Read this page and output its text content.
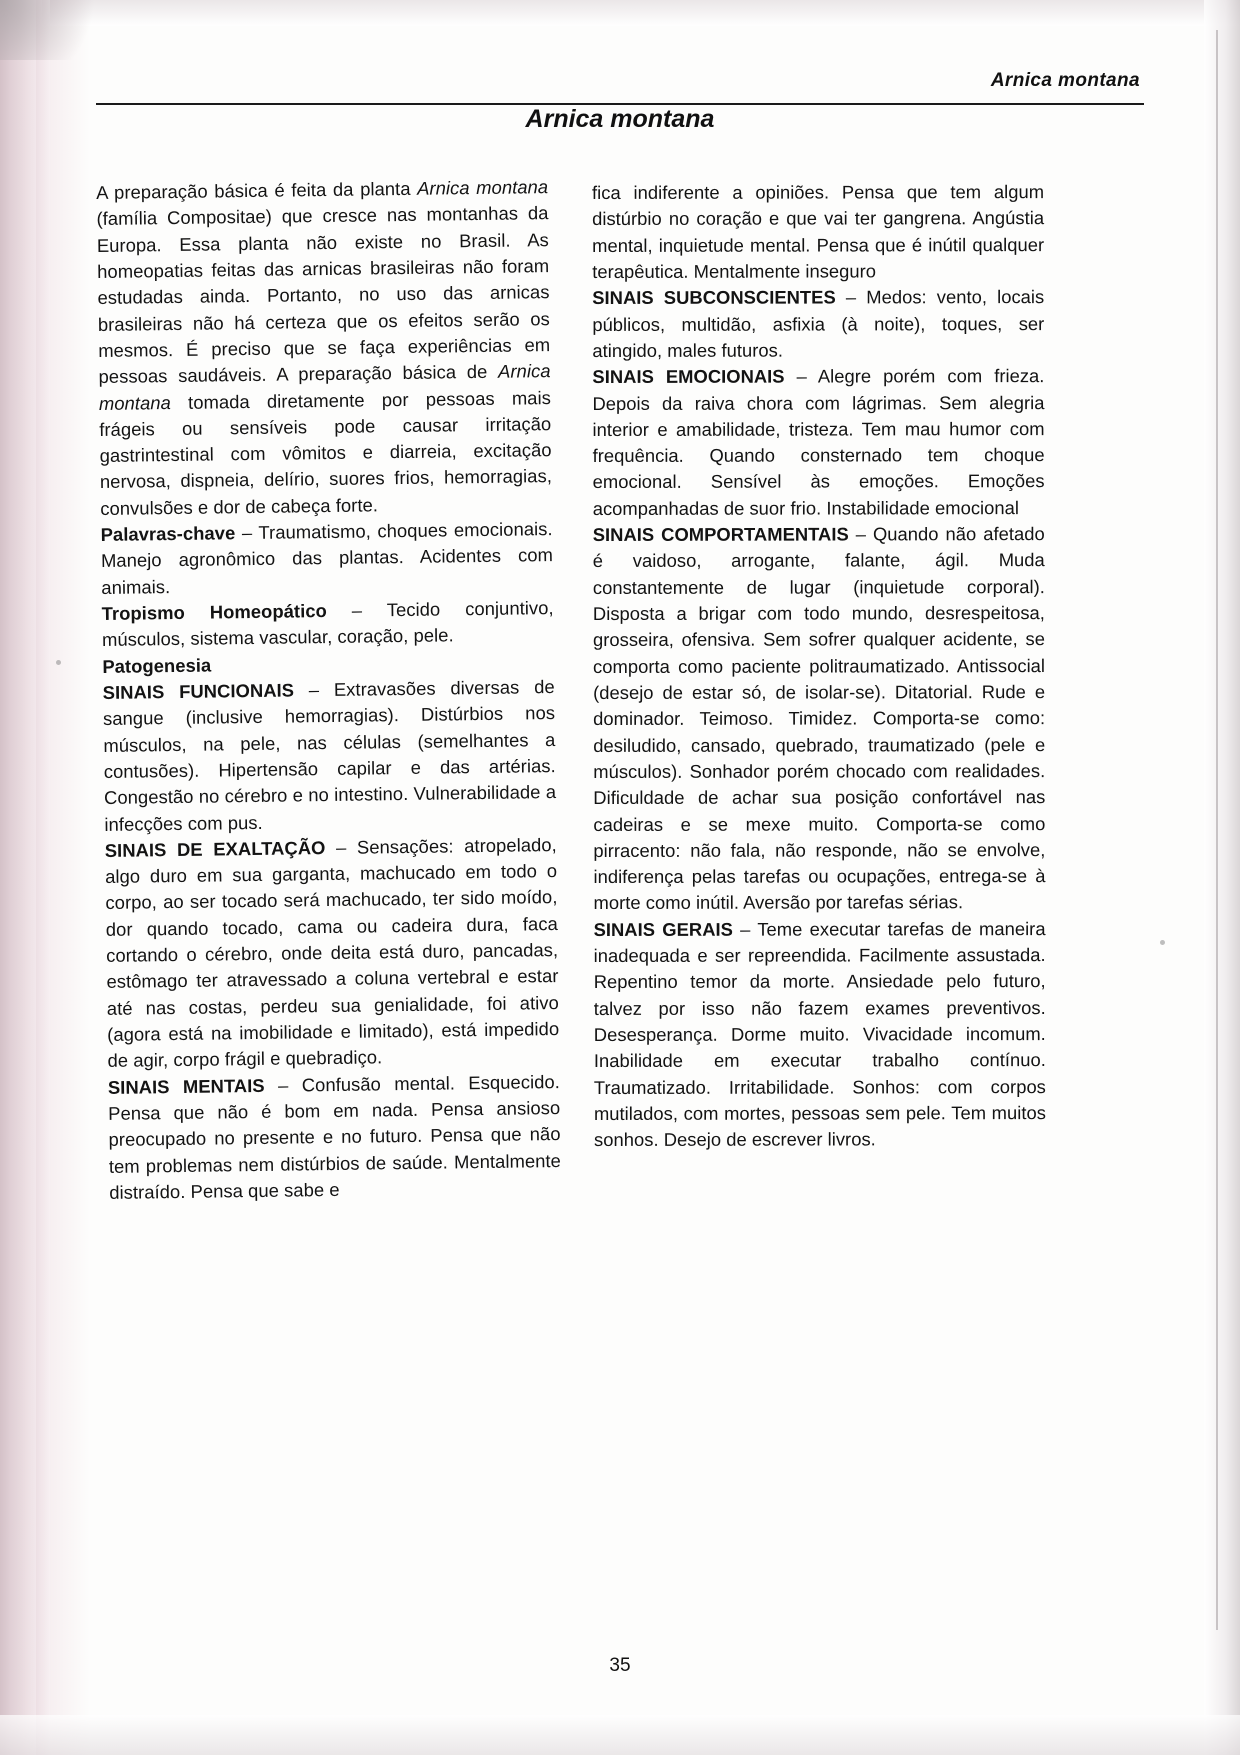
Arnica montana
Arnica montana

A preparação básica é feita da planta Arnica montana (família Compositae) que cresce nas montanhas da Europa. Essa planta não existe no Brasil. As homeopatias feitas das arnicas brasileiras não foram estudadas ainda. Portanto, no uso das arnicas brasileiras não há certeza que os efeitos serão os mesmos. É preciso que se faça experiências em pessoas saudáveis. A preparação básica de Arnica montana tomada diretamente por pessoas mais frágeis ou sensíveis pode causar irritação gastrintestinal com vômitos e diarreia, excitação nervosa, dispneia, delírio, suores frios, hemorragias, convulsões e dor de cabeça forte.

Palavras-chave – Traumatismo, choques emocionais. Manejo agronômico das plantas. Acidentes com animais.

Tropismo Homeopático – Tecido conjuntivo, músculos, sistema vascular, coração, pele.

Patogenesia

SINAIS FUNCIONAIS – Extravasões diversas de sangue (inclusive hemorragias). Distúrbios nos músculos, na pele, nas células (semelhantes a contusões). Hipertensão capilar e das artérias. Congestão no cérebro e no intestino. Vulnerabilidade a infecções com pus.

SINAIS DE EXALTAÇÃO – Sensações: atropelado, algo duro em sua garganta, machucado em todo o corpo, ao ser tocado será machucado, ter sido moído, dor quando tocado, cama ou cadeira dura, faca cortando o cérebro, onde deita está duro, pancadas, estômago ter atravessado a coluna vertebral e estar até nas costas, perdeu sua genialidade, foi ativo (agora está na imobilidade e limitado), está impedido de agir, corpo frágil e quebradiço.

SINAIS MENTAIS – Confusão mental. Esquecido. Pensa que não é bom em nada. Pensa ansioso preocupado no presente e no futuro. Pensa que não tem problemas nem distúrbios de saúde. Mentalmente distraído. Pensa que sabe e

fica indiferente a opiniões. Pensa que tem algum distúrbio no coração e que vai ter gangrena. Angústia mental, inquietude mental. Pensa que é inútil qualquer terapêutica. Mentalmente inseguro

SINAIS SUBCONSCIENTES – Medos: vento, locais públicos, multidão, asfixia (à noite), toques, ser atingido, males futuros.

SINAIS EMOCIONAIS – Alegre porém com frieza. Depois da raiva chora com lágrimas. Sem alegria interior e amabilidade, tristeza. Tem mau humor com frequência. Quando consternado tem choque emocional. Sensível às emoções. Emoções acompanhadas de suor frio. Instabilidade emocional

SINAIS COMPORTAMENTAIS – Quando não afetado é vaidoso, arrogante, falante, ágil. Muda constantemente de lugar (inquietude corporal). Disposta a brigar com todo mundo, desrespeitosa, grosseira, ofensiva. Sem sofrer qualquer acidente, se comporta como paciente politraumatizado. Antissocial (desejo de estar só, de isolar-se). Ditatorial. Rude e dominador. Teimoso. Timidez. Comporta-se como: desiludido, cansado, quebrado, traumatizado (pele e músculos). Sonhador porém chocado com realidades. Dificuldade de achar sua posição confortável nas cadeiras e se mexe muito. Comporta-se como pirracento: não fala, não responde, não se envolve, indiferença pelas tarefas ou ocupações, entrega-se à morte como inútil. Aversão por tarefas sérias.

SINAIS GERAIS – Teme executar tarefas de maneira inadequada e ser repreendida. Facilmente assustada. Repentino temor da morte. Ansiedade pelo futuro, talvez por isso não fazem exames preventivos. Desesperança. Dorme muito. Vivacidade incomum. Inabilidade em executar trabalho contínuo. Traumatizado. Irritabilidade. Sonhos: com corpos mutilados, com mortes, pessoas sem pele. Tem muitos sonhos. Desejo de escrever livros.

35
